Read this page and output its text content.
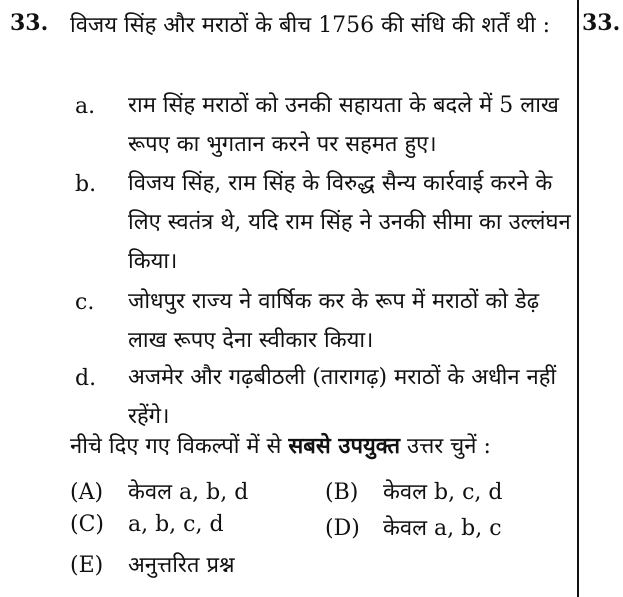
33.	33.
विजय सिंह और मराठों के बीच 1756 की संधि की शर्तें थी :
a. राम सिंह मराठों को उनकी सहायता के बदले में 5 लाख रूपए का भुगतान करने पर सहमत हुए।
b. विजय सिंह, राम सिंह के विरुद्ध सैन्य कार्रवाई करने के लिए स्वतंत्र थे, यदि राम सिंह ने उनकी सीमा का उल्लंघन किया।
c. जोधपुर राज्य ने वार्षिक कर के रूप में मराठों को डेढ़ लाख रूपए देना स्वीकार किया।
d. अजमेर और गढ़बीठली (तारागढ़) मराठों के अधीन नहीं रहेंगे।
नीचे दिए गए विकल्पों में से सबसे उपयुक्त उत्तर चुनें :
(A) केवल a, b, d	(B) केवल b, c, d
(C) a, b, c, d	(D) केवल a, b, c
(E) अनुत्तरित प्रश्न
